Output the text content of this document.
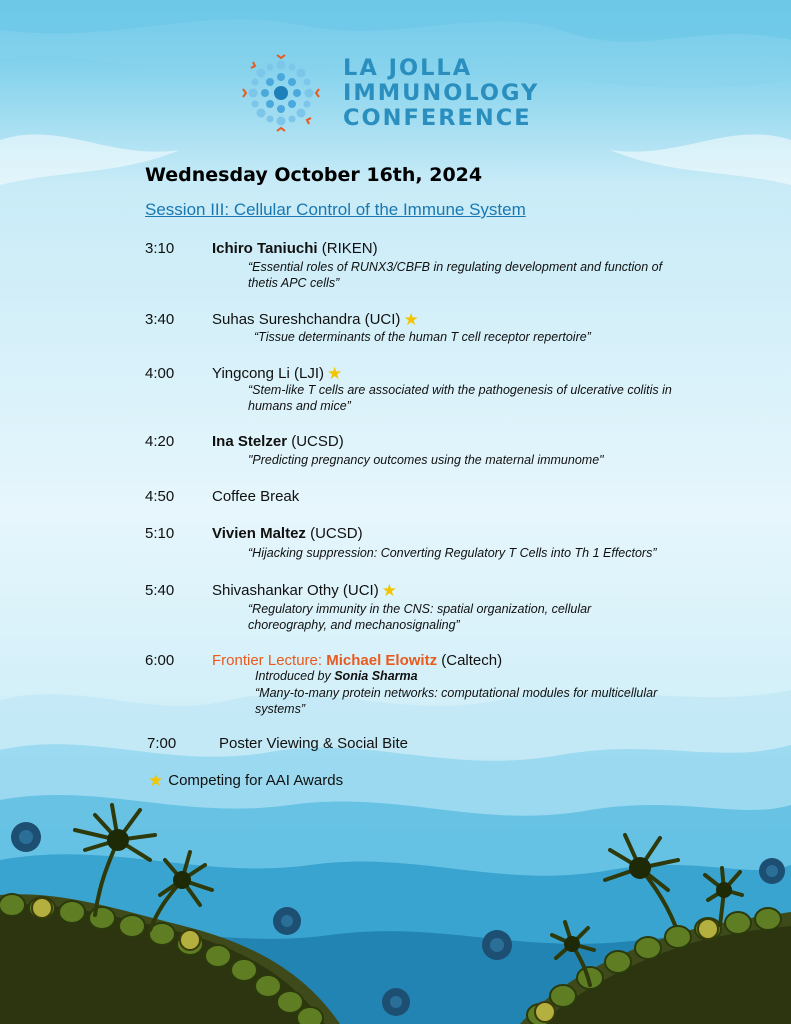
LA JOLLA
IMMUNOLOGY
CONFERENCE
Wednesday October 16th, 2024
Session III: Cellular Control of the Immune System
3:10	Ichiro Taniuchi (RIKEN)
“Essential roles of RUNX3/CBFB in regulating development and function of thetis APC cells”
3:40	Suhas Sureshchandra (UCI) ★
“Tissue determinants of the human T cell receptor repertoire”
4:00	Yingcong Li (LJI) ★
“Stem-like T cells are associated with the pathogenesis of ulcerative colitis in humans and mice”
4:20	Ina Stelzer (UCSD)
"Predicting pregnancy outcomes using the maternal immunome"
4:50	Coffee Break
5:10	Vivien Maltez (UCSD)
“Hijacking suppression: Converting Regulatory T Cells into Th 1 Effectors”
5:40	Shivashankar Othy (UCI) ★
“Regulatory immunity in the CNS: spatial organization, cellular choreography, and mechanosignaling”
6:00	Frontier Lecture: Michael Elowitz (Caltech)
Introduced by Sonia Sharma
“Many-to-many protein networks: computational modules for multicellular systems”
7:00	Poster Viewing & Social Bite
★ Competing for AAI Awards
